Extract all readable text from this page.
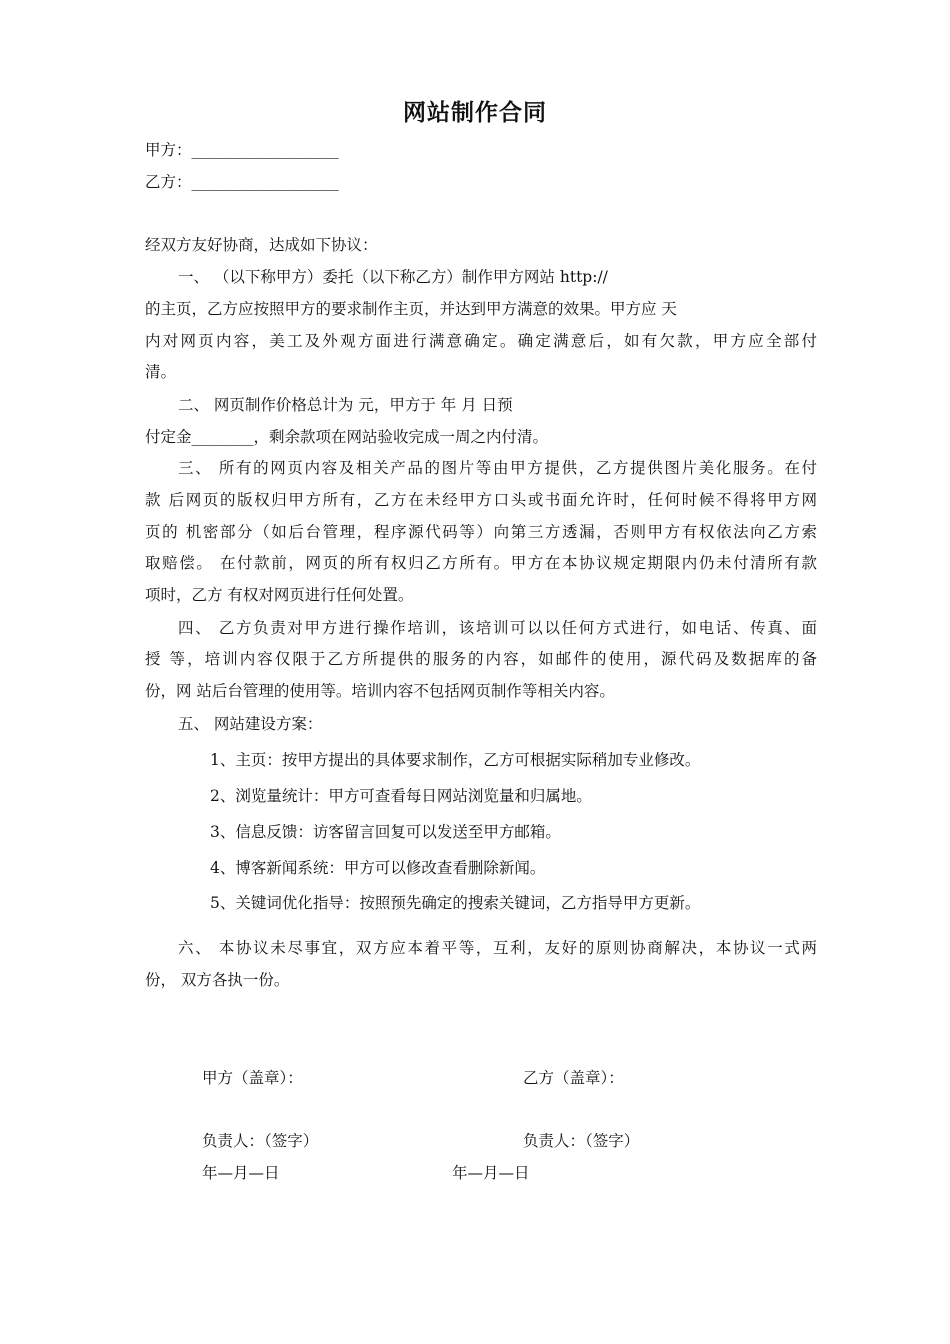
网站制作合同
甲方：___________________
乙方：___________________
经双方友好协商，达成如下协议：
一、 （以下称甲方）委托（以下称乙方）制作甲方网站 http://
的主页，乙方应按照甲方的要求制作主页，并达到甲方满意的效果。甲方应 天
内对网页内容，美工及外观方面进行满意确定。确定满意后，如有欠款，甲方应全部付
清。
二、 网页制作价格总计为 元，甲方于 年 月 日预
付定金________，剩余款项在网站验收完成一周之内付清。
三、 所有的网页内容及相关产品的图片等由甲方提供，乙方提供图片美化服务。在付
款 后网页的版权归甲方所有，乙方在未经甲方口头或书面允许时，任何时候不得将甲方网
页的 机密部分（如后台管理，程序源代码等）向第三方透漏，否则甲方有权依法向乙方索
取赔偿。 在付款前，网页的所有权归乙方所有。甲方在本协议规定期限内仍未付清所有款
项时，乙方 有权对网页进行任何处置。
四、 乙方负责对甲方进行操作培训，该培训可以以任何方式进行，如电话、传真、面
授 等，培训内容仅限于乙方所提供的服务的内容，如邮件的使用，源代码及数据库的备
份，网 站后台管理的使用等。培训内容不包括网页制作等相关内容。
五、 网站建设方案：
1、主页：按甲方提出的具体要求制作，乙方可根据实际稍加专业修改。
2、浏览量统计：甲方可查看每日网站浏览量和归属地。
3、信息反馈：访客留言回复可以发送至甲方邮箱。
4、博客新闻系统：甲方可以修改查看删除新闻。
5、关键词优化指导：按照预先确定的搜索关键词，乙方指导甲方更新。
六、 本协议未尽事宜，双方应本着平等，互利，友好的原则协商解决，本协议一式两
份， 双方各执一份。
甲方（盖章）：	乙方（盖章）：
负责人：（签字）	负责人：（签字）
年—月—日	年—月—日
